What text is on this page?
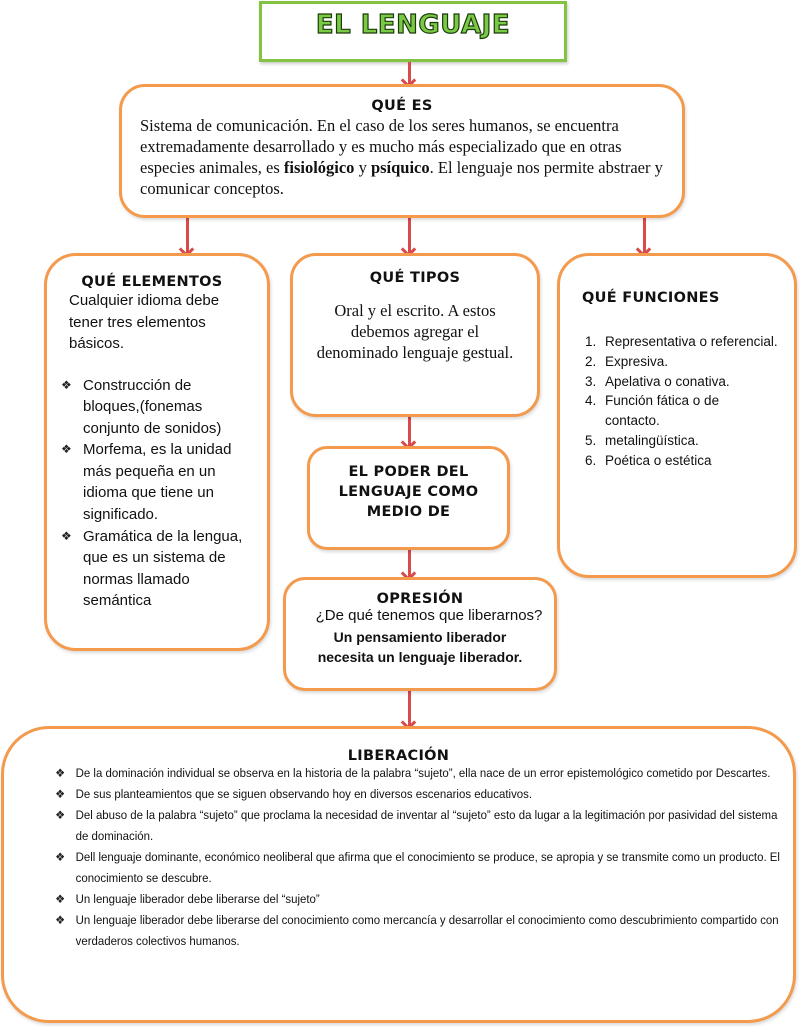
EL LENGUAJE
QUÉ ES
Sistema de comunicación. En el caso de los seres humanos, se encuentra extremadamente desarrollado y es mucho más especializado que en otras especies animales, es fisiológico y psíquico. El lenguaje nos permite abstraer y comunicar conceptos.
QUÉ ELEMENTOS
Cualquier idioma debe tener tres elementos básicos.
❖ Construcción de bloques,(fonemas conjunto de sonidos)
❖ Morfema, es la unidad más pequeña en un idioma que tiene un significado.
❖ Gramática de la lengua, que es un sistema de normas llamado semántica
QUÉ TIPOS
Oral y el escrito. A estos debemos agregar el denominado lenguaje gestual.
QUÉ FUNCIONES
1. Representativa o referencial.
2. Expresiva.
3. Apelativa o conativa.
4. Función fática o de contacto.
5. metalingüística.
6. Poética o estética
EL PODER DEL LENGUAJE COMO MEDIO DE
OPRESIÓN
¿De qué tenemos que liberarnos?
Un pensamiento liberador necesita un lenguaje liberador.
LIBERACIÓN
❖ De la dominación individual se observa en la historia de la palabra “sujeto”, ella nace de un error epistemológico cometido por Descartes.
❖ De sus planteamientos que se siguen observando hoy en diversos escenarios educativos.
❖ Del abuso de la palabra “sujeto” que proclama la necesidad de inventar al “sujeto” esto da lugar a la legitimación por pasividad del sistema de dominación.
❖ Dell lenguaje dominante, económico neoliberal que afirma que el conocimiento se produce, se apropia y se transmite como un producto. El conocimiento se descubre.
❖ Un lenguaje liberador debe liberarse del “sujeto”
❖ Un lenguaje liberador debe liberarse del conocimiento como mercancía y desarrollar el conocimiento como descubrimiento compartido con verdaderos colectivos humanos.
